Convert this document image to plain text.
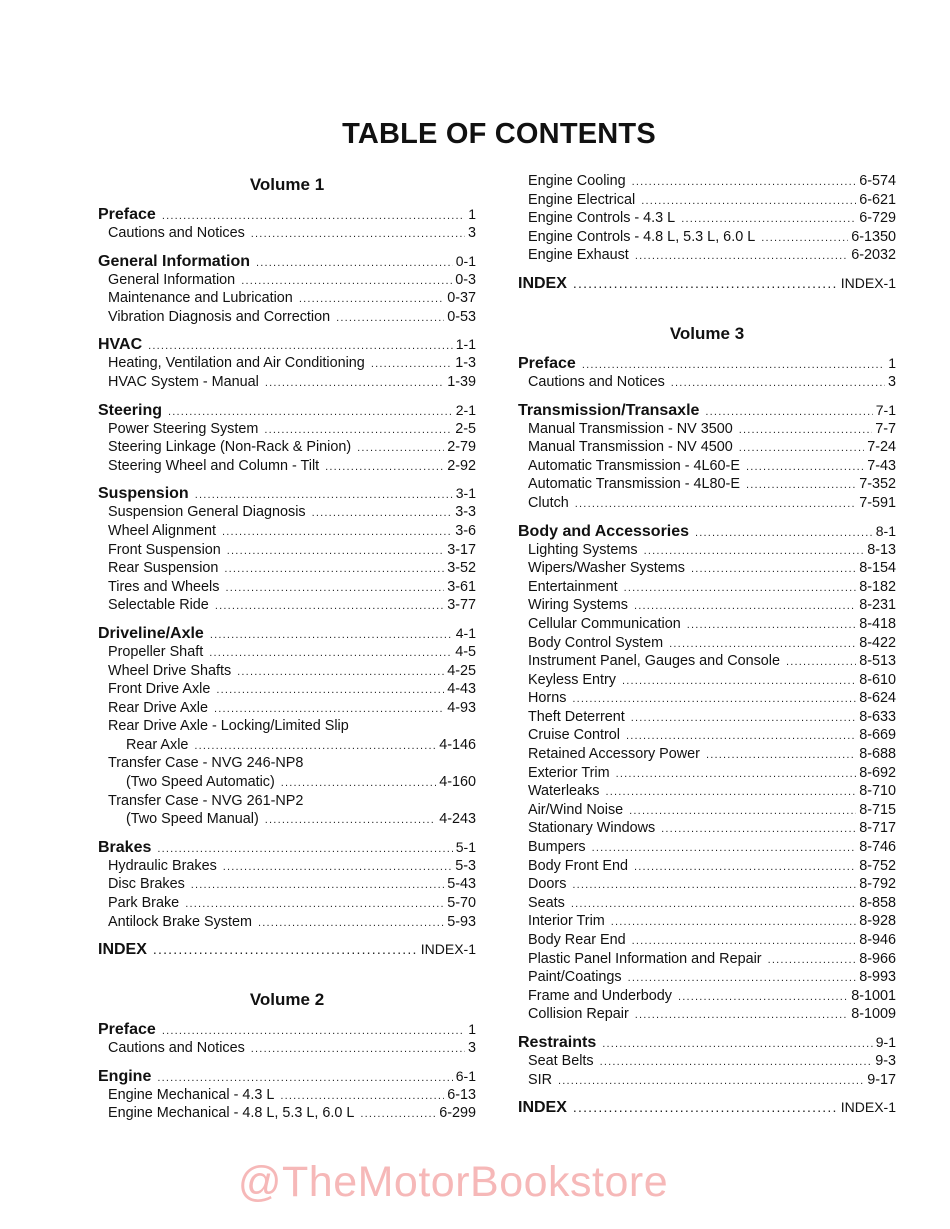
TABLE OF CONTENTS
Volume 1
Preface .....	1
Cautions and Notices .....	3
General Information .....	0-1
General Information .....	0-3
Maintenance and Lubrication .....	0-37
Vibration Diagnosis and Correction .....	0-53
HVAC .....	1-1
Heating, Ventilation and Air Conditioning .....	1-3
HVAC System - Manual .....	1-39
Steering .....	2-1
Power Steering System .....	2-5
Steering Linkage (Non-Rack & Pinion) .....	2-79
Steering Wheel and Column - Tilt .....	2-92
Suspension .....	3-1
Suspension General Diagnosis .....	3-3
Wheel Alignment .....	3-6
Front Suspension .....	3-17
Rear Suspension .....	3-52
Tires and Wheels .....	3-61
Selectable Ride .....	3-77
Driveline/Axle .....	4-1
Propeller Shaft .....	4-5
Wheel Drive Shafts .....	4-25
Front Drive Axle .....	4-43
Rear Drive Axle .....	4-93
Rear Drive Axle - Locking/Limited Slip
Rear Axle .....	4-146
Transfer Case - NVG 246-NP8
(Two Speed Automatic) .....	4-160
Transfer Case - NVG 261-NP2
(Two Speed Manual) .....	4-243
Brakes .....	5-1
Hydraulic Brakes .....	5-3
Disc Brakes .....	5-43
Park Brake .....	5-70
Antilock Brake System .....	5-93
INDEX .....	INDEX-1
Volume 2
Preface .....	1
Cautions and Notices .....	3
Engine .....	6-1
Engine Mechanical - 4.3 L .....	6-13
Engine Mechanical - 4.8 L, 5.3 L, 6.0 L .....	6-299
Engine Cooling .....	6-574
Engine Electrical .....	6-621
Engine Controls - 4.3 L .....	6-729
Engine Controls - 4.8 L, 5.3 L, 6.0 L .....	6-1350
Engine Exhaust .....	6-2032
INDEX .....	INDEX-1
Volume 3
Preface .....	1
Cautions and Notices .....	3
Transmission/Transaxle .....	7-1
Manual Transmission - NV 3500 .....	7-7
Manual Transmission - NV 4500 .....	7-24
Automatic Transmission - 4L60-E .....	7-43
Automatic Transmission - 4L80-E .....	7-352
Clutch .....	7-591
Body and Accessories .....	8-1
Lighting Systems .....	8-13
Wipers/Washer Systems .....	8-154
Entertainment .....	8-182
Wiring Systems .....	8-231
Cellular Communication .....	8-418
Body Control System .....	8-422
Instrument Panel, Gauges and Console .....	8-513
Keyless Entry .....	8-610
Horns .....	8-624
Theft Deterrent .....	8-633
Cruise Control .....	8-669
Retained Accessory Power .....	8-688
Exterior Trim .....	8-692
Waterleaks .....	8-710
Air/Wind Noise .....	8-715
Stationary Windows .....	8-717
Bumpers .....	8-746
Body Front End .....	8-752
Doors .....	8-792
Seats .....	8-858
Interior Trim .....	8-928
Body Rear End .....	8-946
Plastic Panel Information and Repair .....	8-966
Paint/Coatings .....	8-993
Frame and Underbody .....	8-1001
Collision Repair .....	8-1009
Restraints .....	9-1
Seat Belts .....	9-3
SIR .....	9-17
INDEX .....	INDEX-1
@TheMotorBookstore
